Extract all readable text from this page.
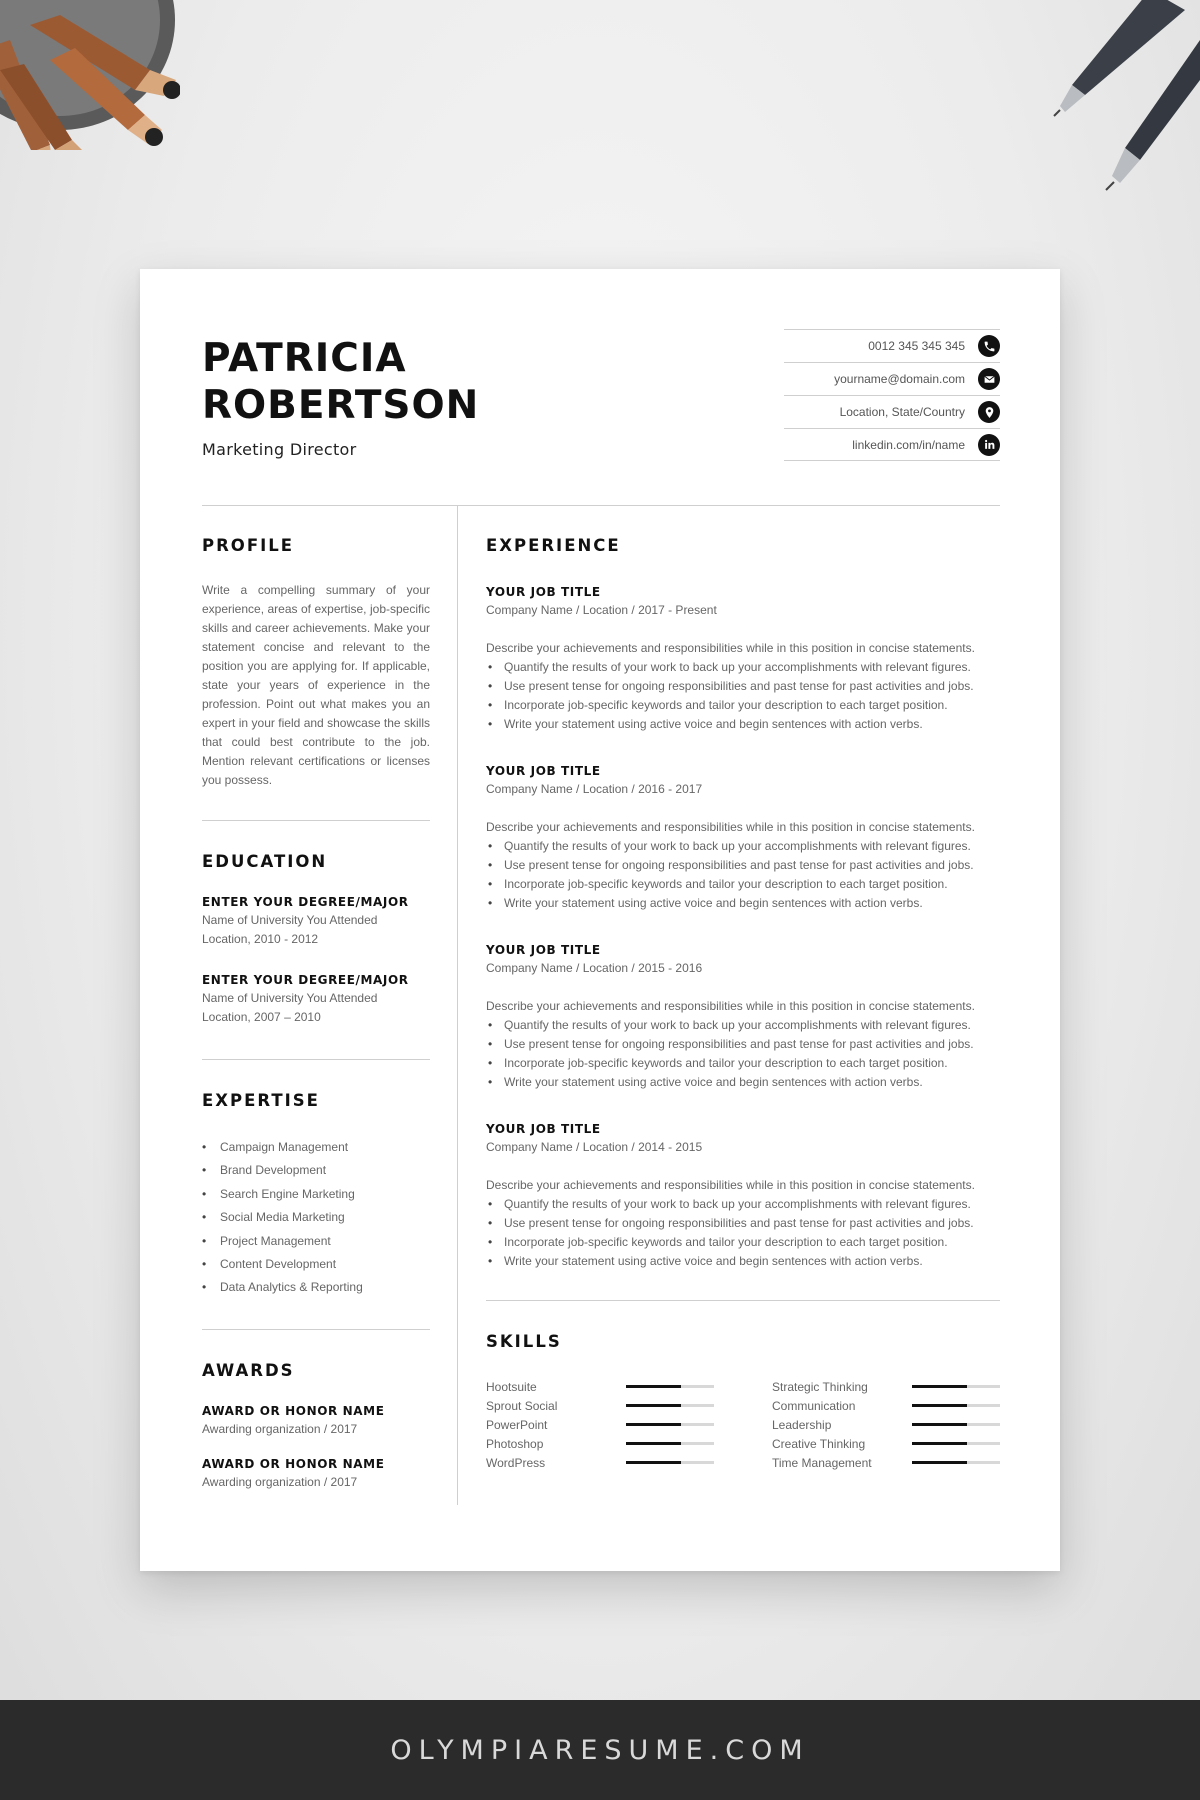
PATRICIA
ROBERTSON
Marketing Director
0012 345 345 345
yourname@domain.com
Location, State/Country
linkedin.com/in/name
PROFILE

Write a compelling summary of your experience, areas of expertise, job-specific skills and career achievements. Make your statement concise and relevant to the position you are applying for. If applicable, state your years of experience in the profession. Point out what makes you an expert in your field and showcase the skills that could best contribute to the job. Mention relevant certifications or licenses you possess.

EDUCATION
ENTER YOUR DEGREE/MAJOR
Name of University You Attended
Location, 2010 - 2012
ENTER YOUR DEGREE/MAJOR
Name of University You Attended
Location, 2007 – 2010
EXPERTISE
• Campaign Management
• Brand Development
• Search Engine Marketing
• Social Media Marketing
• Project Management
• Content Development
• Data Analytics & Reporting
AWARDS
AWARD OR HONOR NAME
Awarding organization / 2017
AWARD OR HONOR NAME
Awarding organization / 2017
EXPERIENCE
YOUR JOB TITLE
Company Name / Location / 2017 - Present
Describe your achievements and responsibilities while in this position in concise statements.
• Quantify the results of your work to back up your accomplishments with relevant figures.
• Use present tense for ongoing responsibilities and past tense for past activities and jobs.
• Incorporate job-specific keywords and tailor your description to each target position.
• Write your statement using active voice and begin sentences with action verbs.
YOUR JOB TITLE
Company Name / Location / 2016 - 2017
Describe your achievements and responsibilities while in this position in concise statements.
• Quantify the results of your work to back up your accomplishments with relevant figures.
• Use present tense for ongoing responsibilities and past tense for past activities and jobs.
• Incorporate job-specific keywords and tailor your description to each target position.
• Write your statement using active voice and begin sentences with action verbs.
YOUR JOB TITLE
Company Name / Location / 2015 - 2016
Describe your achievements and responsibilities while in this position in concise statements.
• Quantify the results of your work to back up your accomplishments with relevant figures.
• Use present tense for ongoing responsibilities and past tense for past activities and jobs.
• Incorporate job-specific keywords and tailor your description to each target position.
• Write your statement using active voice and begin sentences with action verbs.
YOUR JOB TITLE
Company Name / Location / 2014 - 2015
Describe your achievements and responsibilities while in this position in concise statements.
• Quantify the results of your work to back up your accomplishments with relevant figures.
• Use present tense for ongoing responsibilities and past tense for past activities and jobs.
• Incorporate job-specific keywords and tailor your description to each target position.
• Write your statement using active voice and begin sentences with action verbs.
SKILLS
Hootsuite
Sprout Social
PowerPoint
Photoshop
WordPress
Strategic Thinking
Communication
Leadership
Creative Thinking
Time Management
OLYMPIARESUME.COM
